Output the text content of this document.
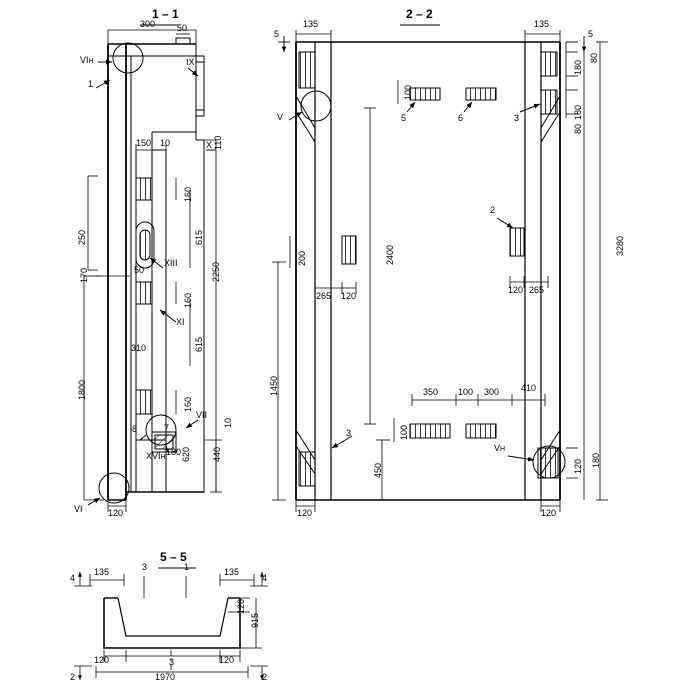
1 – 1	2 – 2
5 – 5
300 50
110
150 10
160
250	615
2250
170	50
160
310	615
1800
160
10
440
180 620
120
VIH	IX
1
X
XIII
XI
VII
8	7
XVIH
VI
135	135
5	5
180
80
100
180
80
3280
2400
200
265 120
120 265
1450	350 100 300 410
100
450	120 180
120	120
V	5	6	3
2
3
VH
135	3	1	135
4	4
120
915
120	3	120
1970
2	2
